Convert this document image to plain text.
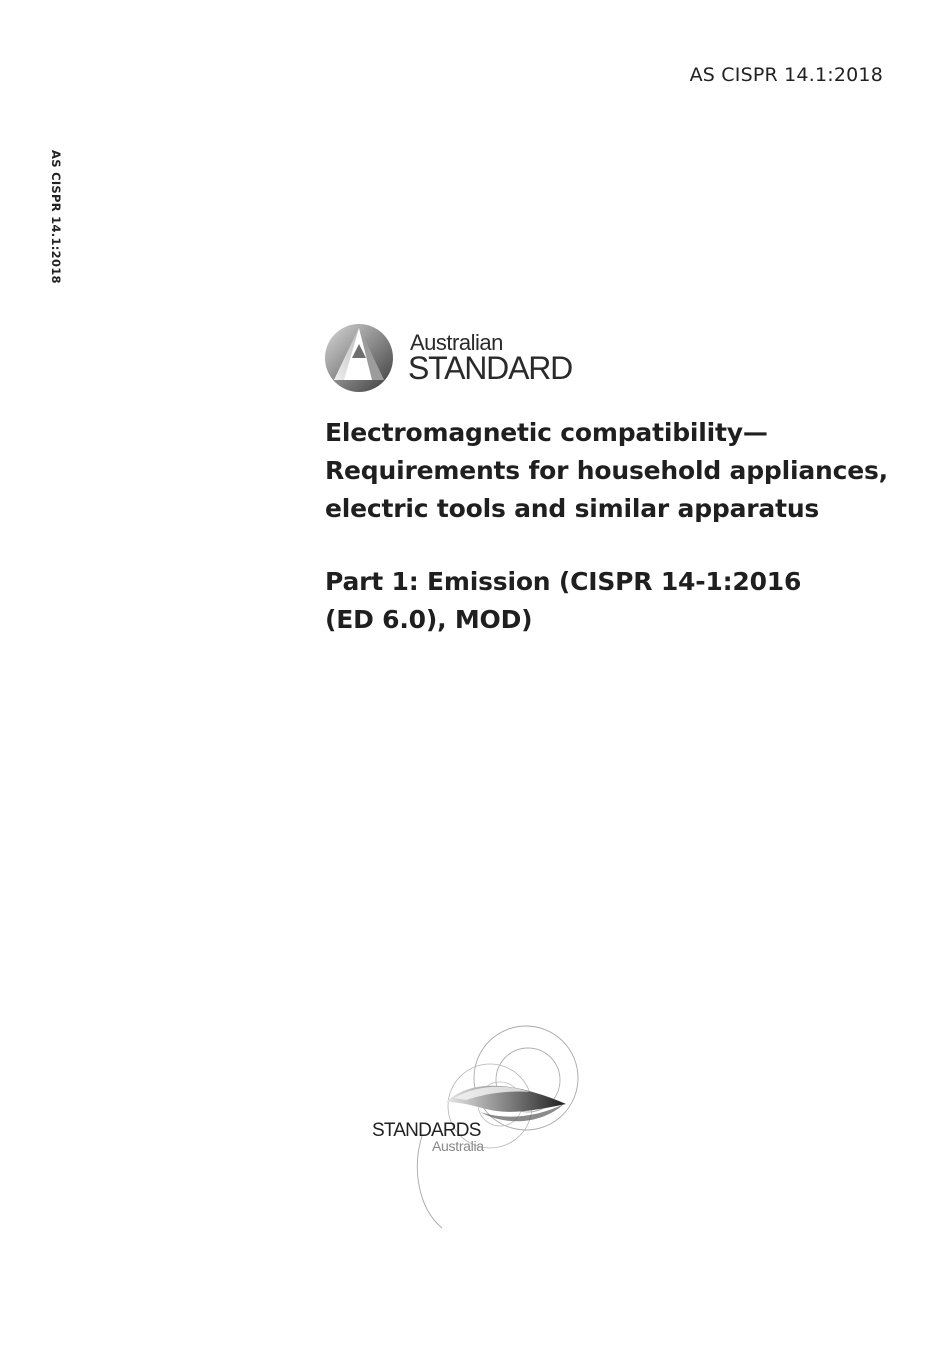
AS CISPR 14.1:2018
AS CISPR 14.1:2018
Australian
STANDARD
Electromagnetic compatibility—
Requirements for household appliances,
electric tools and similar apparatus
Part 1: Emission (CISPR 14-1:2016
(ED 6.0), MOD)
STANDARDS
Australia
